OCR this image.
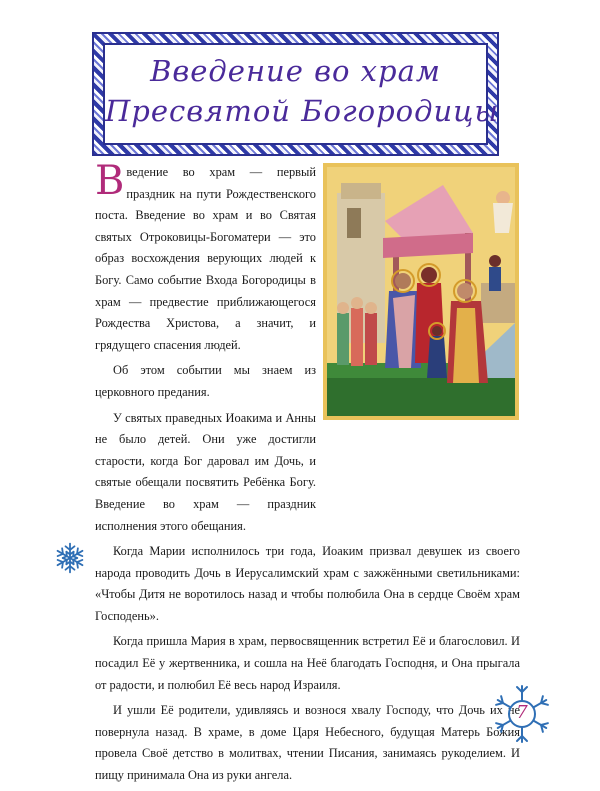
Введение во храм
Пресвятой Богородицы

Введение во храм — первый праздник на пути Рождественского поста. Введение во храм и во Святая святых Отроковицы-Богоматери — это образ восхождения верующих людей к Богу. Само событие Входа Богородицы в храм — предвестие приближающегося Рождества Христова, а значит, и грядущего спасения людей.

Об этом событии мы знаем из церковного предания.

У святых праведных Иоакима и Анны не было детей. Они уже достигли старости, когда Бог даровал им Дочь, и святые обещали посвятить Ребёнка Богу. Введение во храм — праздник исполнения этого обещания.

Когда Марии исполнилось три года, Иоаким призвал девушек из своего народа проводить Дочь в Иерусалимский храм с зажжёнными светильниками: «Чтобы Дитя не воротилось назад и чтобы полюбила Она в сердце Своём храм Господень».

Когда пришла Мария в храм, первосвященник встретил Её и благословил. И посадил Её у жертвенника, и сошла на Неё благодать Господня, и Она прыгала от радости, и полюбил Её весь народ Израиля.

И ушли Её родители, удивляясь и вознося хвалу Господу, что Дочь их не повернула назад. В храме, в доме Царя Небесного, будущая Матерь Божия провела Своё детство в молитвах, чтении Писания, занимаясь рукоделием. И пищу принимала Она из руки ангела.

7
